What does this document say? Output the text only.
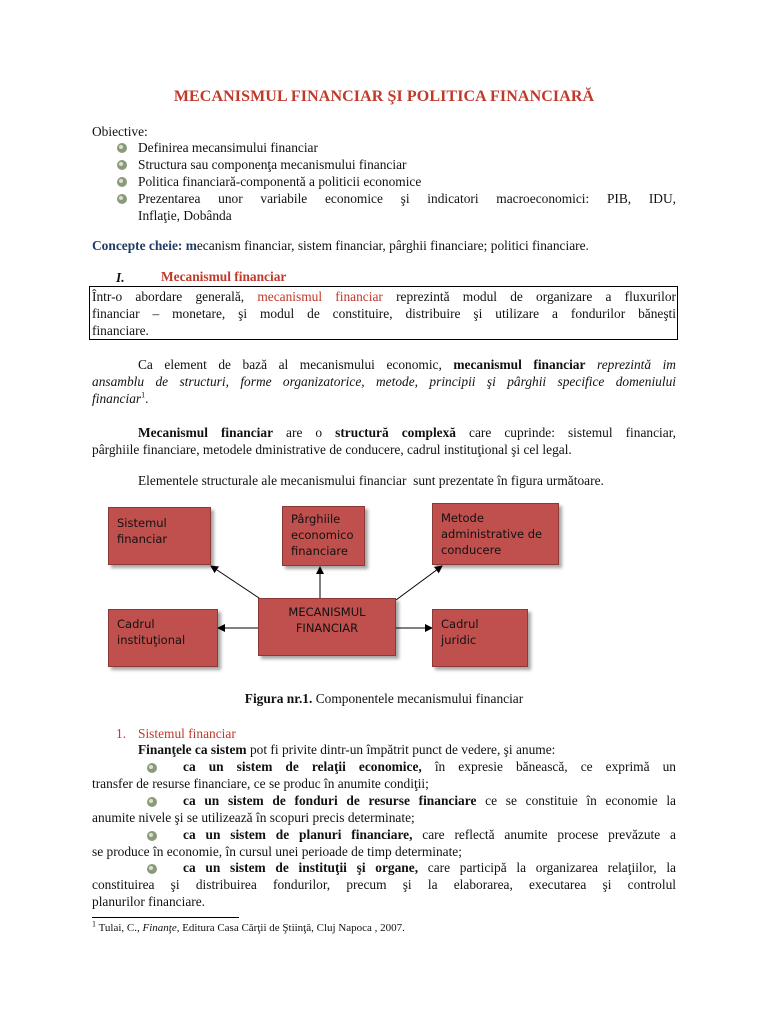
MECANISMUL FINANCIAR ŞI POLITICA FINANCIARĂ
Obiective:
Definirea mecansimului financiar
Structura sau componenţa mecanismului financiar
Politica financiară-componentă a politicii economice
Prezentarea unor variabile economice şi indicatori macroeconomici: PIB, IDU,
Inflaţie, Dobânda
Concepte cheie: mecanism financiar, sistem financiar, pârghii financiare; politici financiare.
I.	Mecanismul financiar
Într-o abordare generală, mecanismul financiar reprezintă modul de organizare a fluxurilor
financiar – monetare, şi modul de constituire, distribuire şi utilizare a fondurilor băneşti
financiare.
Ca element de bază al mecanismului economic, mecanismul financiar reprezintă im
ansamblu de structuri, forme organizatorice, metode, principii şi pârghii specifice domeniului
financiar$^1$.
Mecanismul financiar are o structură complexă care cuprinde: sistemul financiar,
pârghiile financiare, metodele dministrative de conducere, cadrul instituţional şi cel legal.
Elementele structurale ale mecanismului financiar  sunt prezentate în figura următoare.
Sistemul
financiar
Pârghiile
economico
financiare
Metode
administrative de
conducere
MECANISMUL
FINANCIAR
Cadrul
instituţional
Cadrul
juridic
Figura nr.1. Componentele mecanismului financiar
1. Sistemul financiar
Finanţele ca sistem pot fi privite dintr-un împătrit punct de vedere, şi anume:
ca un sistem de relaţii economice, în expresie bănească, ce exprimă un
transfer de resurse financiare, ce se produc în anumite condiţii;
ca un sistem de fonduri de resurse financiare ce se constituie în economie la
anumite nivele şi se utilizează în scopuri precis determinate;
ca un sistem de planuri financiare, care reflectă anumite procese prevăzute a
se produce în economie, în cursul unei perioade de timp determinate;
ca un sistem de instituţii şi organe, care participă la organizarea relaţiilor, la
constituirea şi distribuirea fondurilor, precum şi la elaborarea, executarea şi controlul
planurilor financiare.
$^1$ Tulai, C., Finanţe, Editura Casa Cărţii de Ştiinţă, Cluj Napoca , 2007.
